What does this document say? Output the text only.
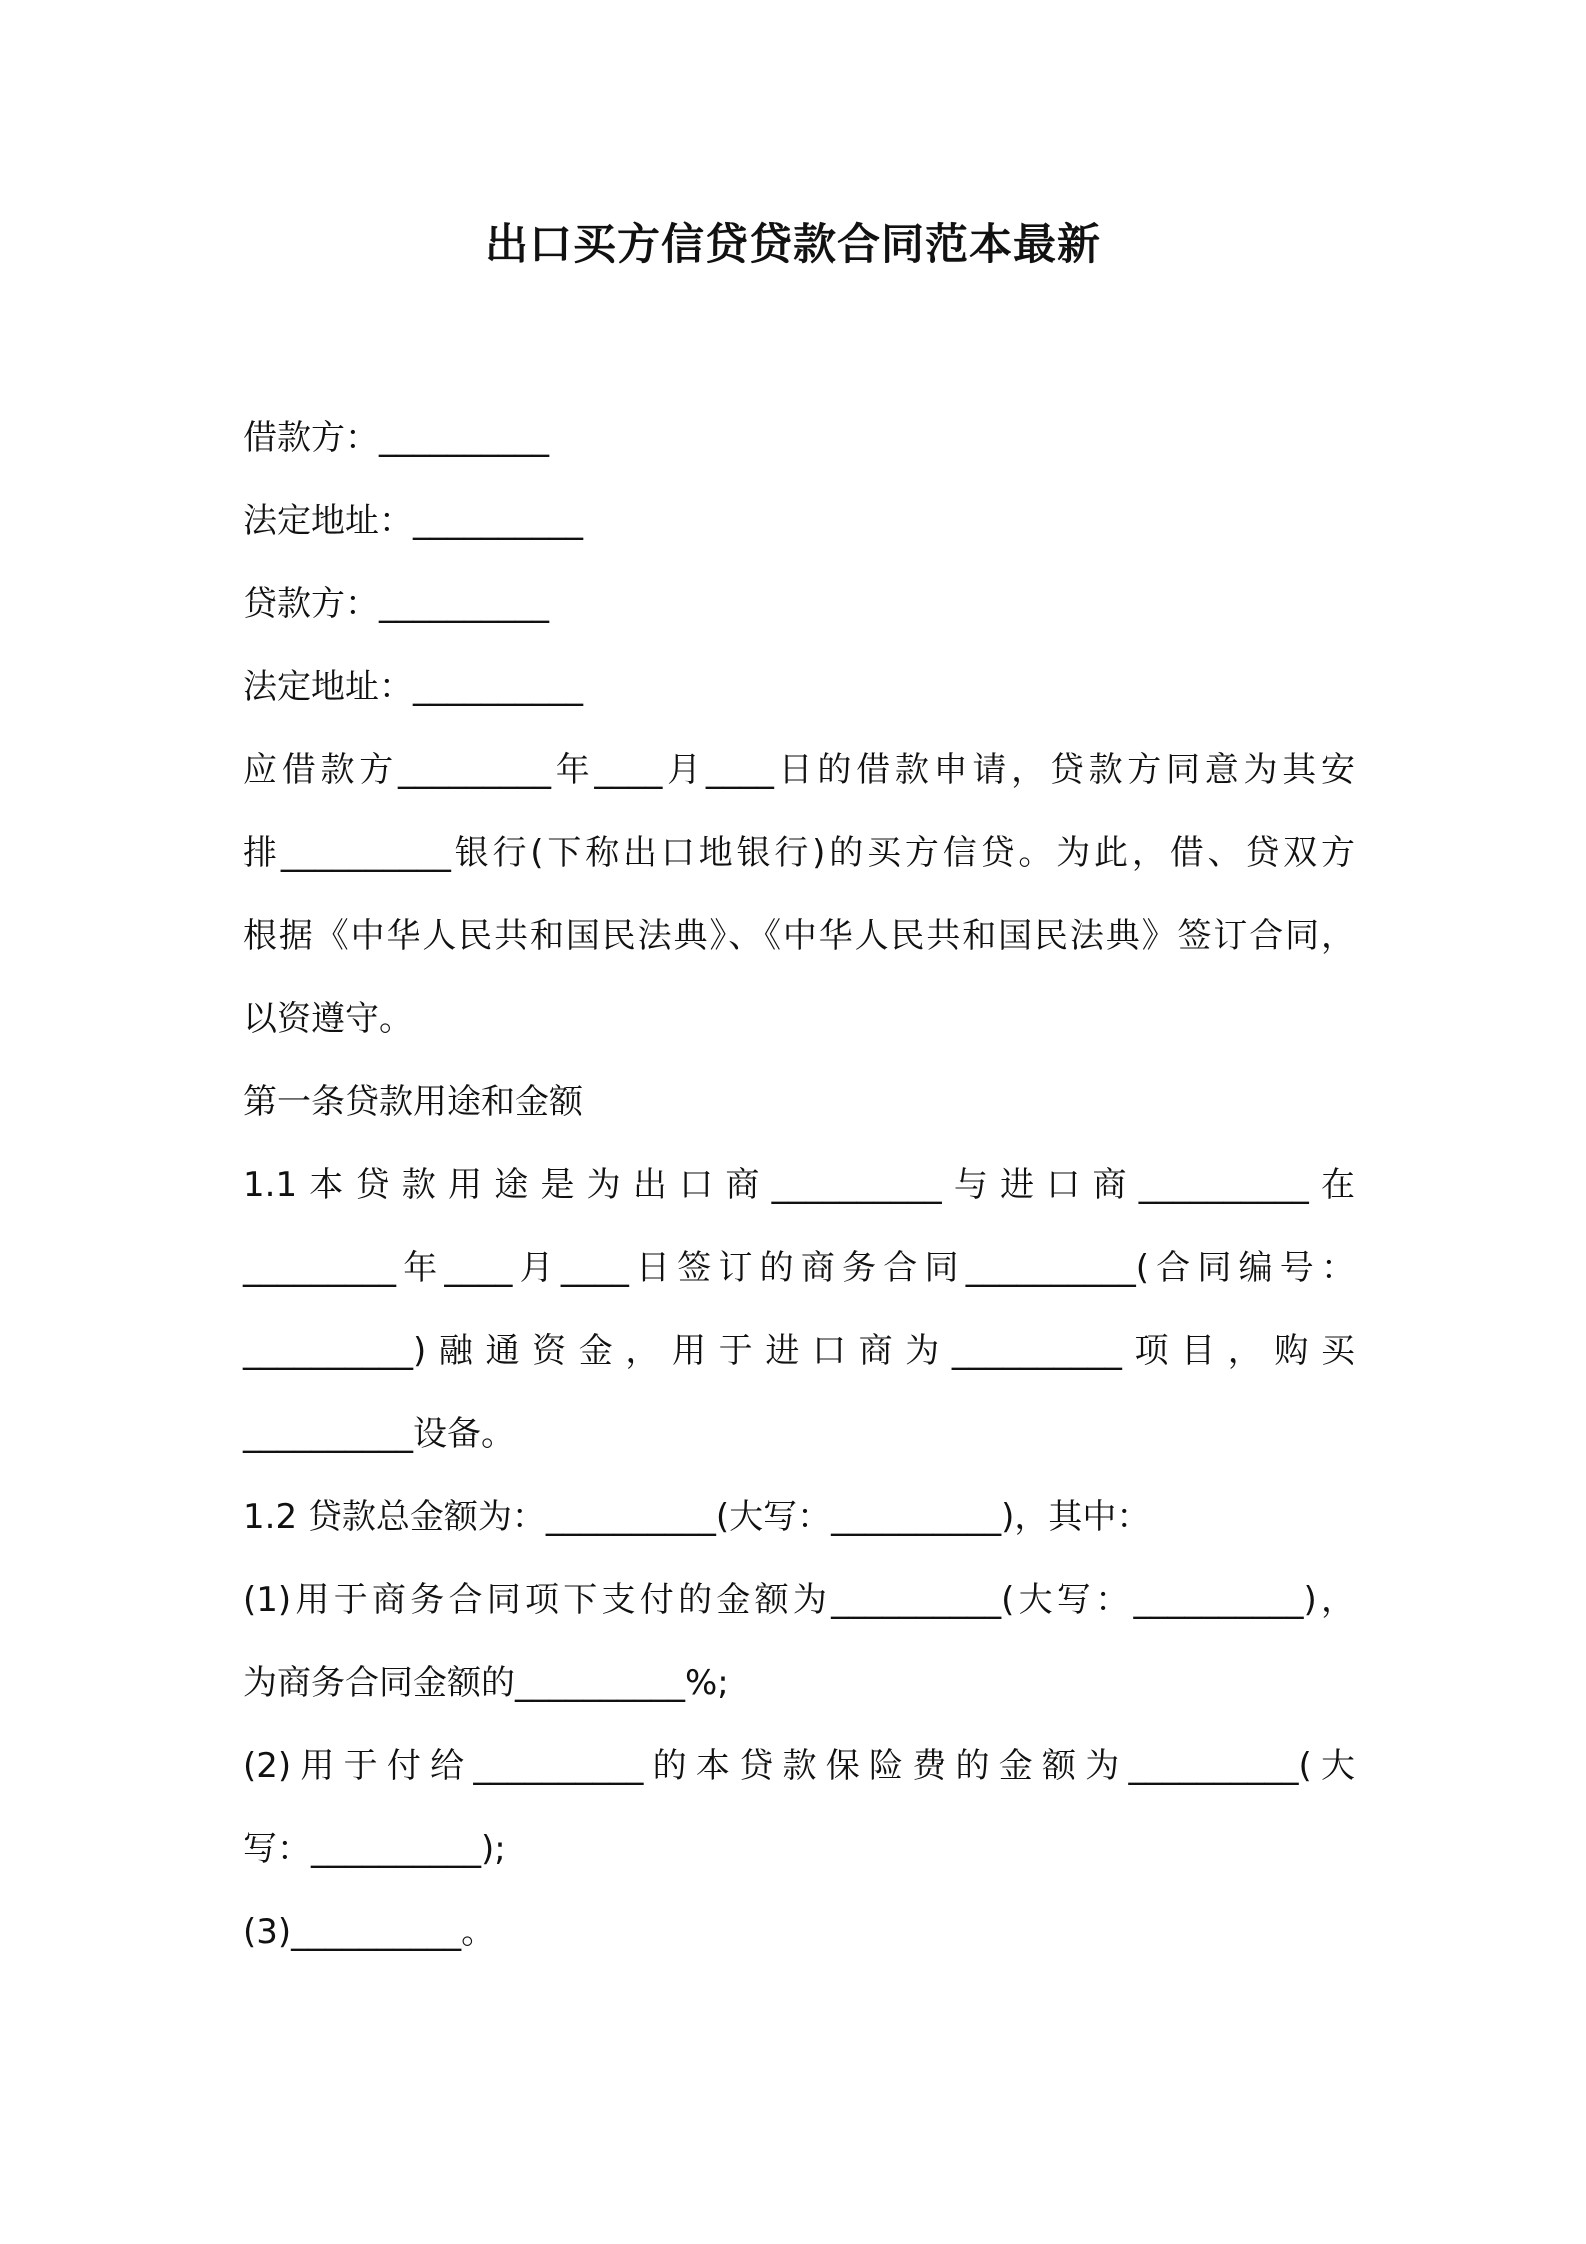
出口买方信贷贷款合同范本最新
借款方：__________
法定地址：__________
贷款方：__________
法定地址：__________
应借款方_________年____月____日的借款申请，贷款方同意为其安
排__________银行(下称出口地银行)的买方信贷。为此，借、贷双方
根据《中华人民共和国民法典》、《中华人民共和国民法典》签订合同，
以资遵守。
第一条贷款用途和金额
1.1本贷款用途是为出口商__________与进口商__________在
_________年____月____日签订的商务合同__________(合同编号：
__________)融通资金，用于进口商为__________项目，购买
__________设备。
1.2 贷款总金额为：__________(大写：__________)，其中：
(1)用于商务合同项下支付的金额为__________(大写：__________)，
为商务合同金额的__________%;
(2)用于付给__________的本贷款保险费的金额为__________(大
写：__________);
(3)__________。
